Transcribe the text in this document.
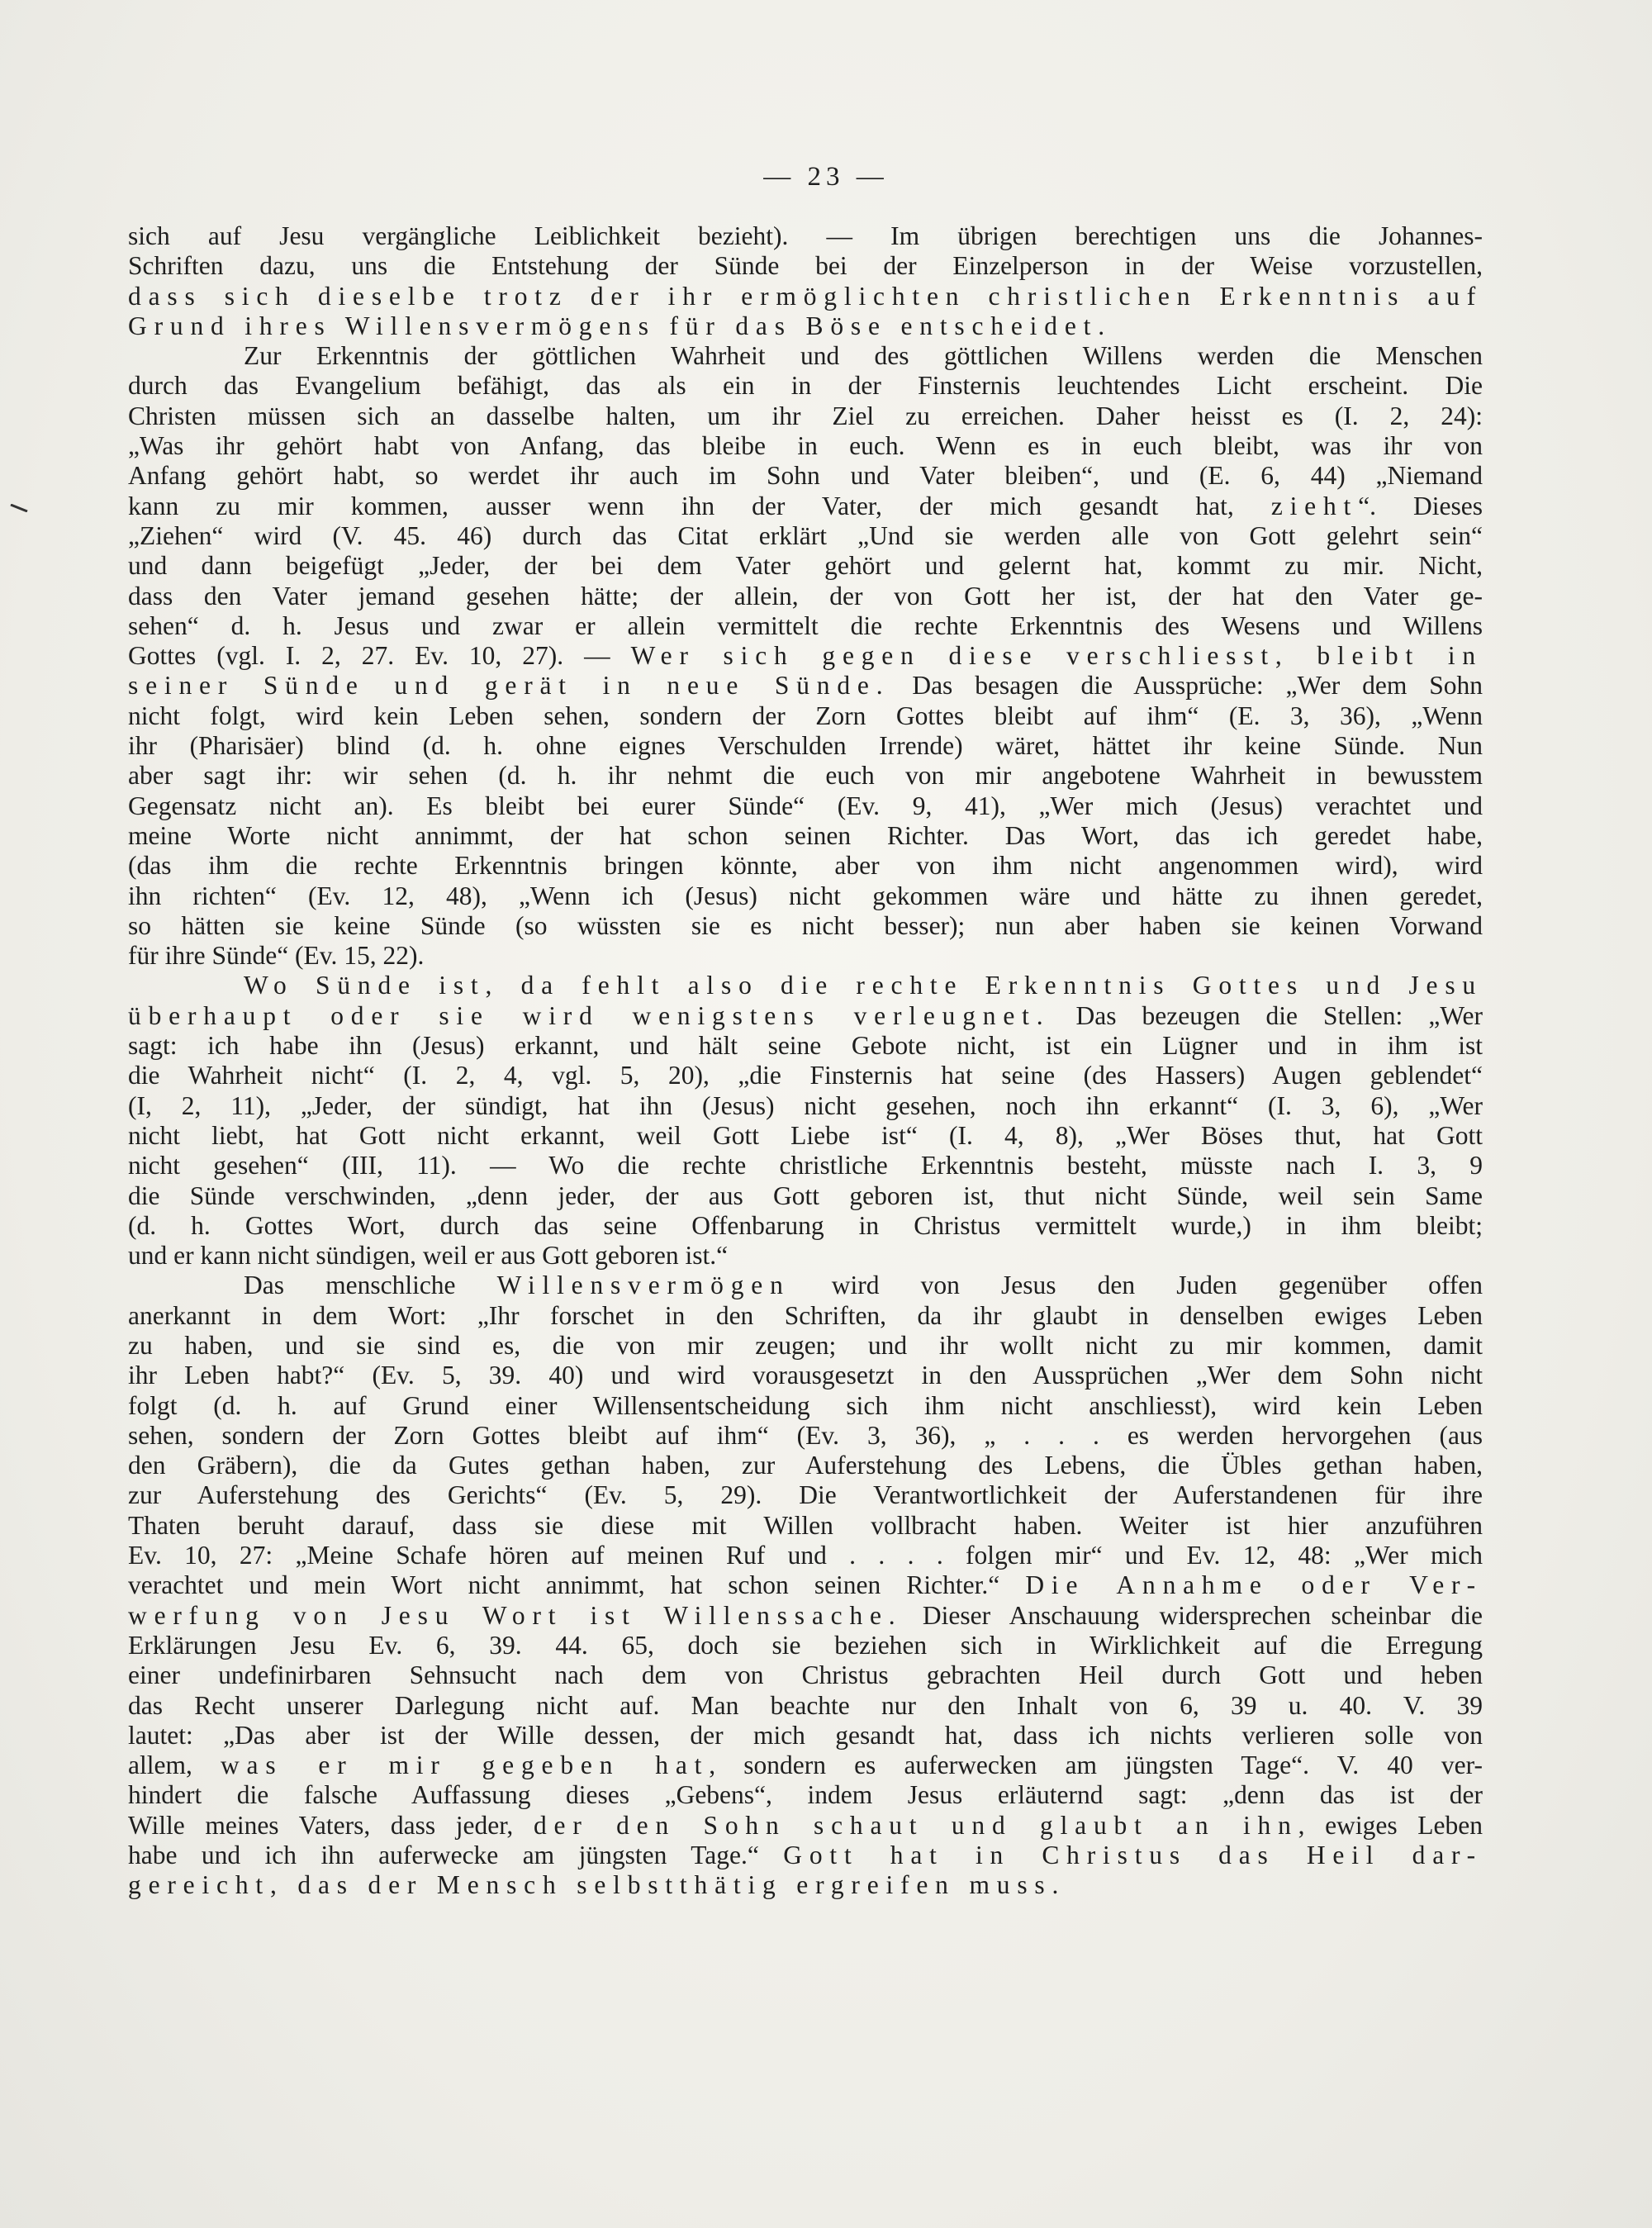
— 23 —
sich auf Jesu vergängliche Leiblichkeit bezieht). — Im übrigen berechtigen uns die Johannes-
Schriften dazu, uns die Entstehung der Sünde bei der Einzelperson in der Weise vorzustellen,
dass sich dieselbe trotz der ihr ermöglichten christlichen Erkenntnis auf
Grund ihres Willensvermögens für das Böse entscheidet.
Zur Erkenntnis der göttlichen Wahrheit und des göttlichen Willens werden die Menschen
durch das Evangelium befähigt, das als ein in der Finsternis leuchtendes Licht erscheint. Die
Christen müssen sich an dasselbe halten, um ihr Ziel zu erreichen. Daher heisst es (I. 2, 24):
„Was ihr gehört habt von Anfang, das bleibe in euch. Wenn es in euch bleibt, was ihr von
Anfang gehört habt, so werdet ihr auch im Sohn und Vater bleiben“, und (E. 6, 44) „Niemand
kann zu mir kommen, ausser wenn ihn der Vater, der mich gesandt hat, zieht“. Dieses
„Ziehen“ wird (V. 45. 46) durch das Citat erklärt „Und sie werden alle von Gott gelehrt sein“
und dann beigefügt „Jeder, der bei dem Vater gehört und gelernt hat, kommt zu mir. Nicht,
dass den Vater jemand gesehen hätte; der allein, der von Gott her ist, der hat den Vater ge-
sehen“ d. h. Jesus und zwar er allein vermittelt die rechte Erkenntnis des Wesens und Willens
Gottes (vgl. I. 2, 27. Ev. 10, 27). — Wer sich gegen diese verschliesst, bleibt in
seiner Sünde und gerät in neue Sünde. Das besagen die Aussprüche: „Wer dem Sohn
nicht folgt, wird kein Leben sehen, sondern der Zorn Gottes bleibt auf ihm“ (E. 3, 36), „Wenn
ihr (Pharisäer) blind (d. h. ohne eignes Verschulden Irrende) wäret, hättet ihr keine Sünde. Nun
aber sagt ihr: wir sehen (d. h. ihr nehmt die euch von mir angebotene Wahrheit in bewusstem
Gegensatz nicht an). Es bleibt bei eurer Sünde“ (Ev. 9, 41), „Wer mich (Jesus) verachtet und
meine Worte nicht annimmt, der hat schon seinen Richter. Das Wort, das ich geredet habe,
(das ihm die rechte Erkenntnis bringen könnte, aber von ihm nicht angenommen wird), wird
ihn richten“ (Ev. 12, 48), „Wenn ich (Jesus) nicht gekommen wäre und hätte zu ihnen geredet,
so hätten sie keine Sünde (so wüssten sie es nicht besser); nun aber haben sie keinen Vorwand
für ihre Sünde“ (Ev. 15, 22).
Wo Sünde ist, da fehlt also die rechte Erkenntnis Gottes und Jesu
überhaupt oder sie wird wenigstens verleugnet. Das bezeugen die Stellen: „Wer
sagt: ich habe ihn (Jesus) erkannt, und hält seine Gebote nicht, ist ein Lügner und in ihm ist
die Wahrheit nicht“ (I. 2, 4, vgl. 5, 20), „die Finsternis hat seine (des Hassers) Augen geblendet“
(I, 2, 11), „Jeder, der sündigt, hat ihn (Jesus) nicht gesehen, noch ihn erkannt“ (I. 3, 6), „Wer
nicht liebt, hat Gott nicht erkannt, weil Gott Liebe ist“ (I. 4, 8), „Wer Böses thut, hat Gott
nicht gesehen“ (III, 11). — Wo die rechte christliche Erkenntnis besteht, müsste nach I. 3, 9
die Sünde verschwinden, „denn jeder, der aus Gott geboren ist, thut nicht Sünde, weil sein Same
(d. h. Gottes Wort, durch das seine Offenbarung in Christus vermittelt wurde,) in ihm bleibt;
und er kann nicht sündigen, weil er aus Gott geboren ist.“
Das menschliche Willensvermögen wird von Jesus den Juden gegenüber offen
anerkannt in dem Wort: „Ihr forschet in den Schriften, da ihr glaubt in denselben ewiges Leben
zu haben, und sie sind es, die von mir zeugen; und ihr wollt nicht zu mir kommen, damit
ihr Leben habt?“ (Ev. 5, 39. 40) und wird vorausgesetzt in den Aussprüchen „Wer dem Sohn nicht
folgt (d. h. auf Grund einer Willensentscheidung sich ihm nicht anschliesst), wird kein Leben
sehen, sondern der Zorn Gottes bleibt auf ihm“ (Ev. 3, 36), „ . . . es werden hervorgehen (aus
den Gräbern), die da Gutes gethan haben, zur Auferstehung des Lebens, die Übles gethan haben,
zur Auferstehung des Gerichts“ (Ev. 5, 29). Die Verantwortlichkeit der Auferstandenen für ihre
Thaten beruht darauf, dass sie diese mit Willen vollbracht haben. Weiter ist hier anzuführen
Ev. 10, 27: „Meine Schafe hören auf meinen Ruf und . . . . folgen mir“ und Ev. 12, 48: „Wer mich
verachtet und mein Wort nicht annimmt, hat schon seinen Richter.“ Die Annahme oder Ver-
werfung von Jesu Wort ist Willenssache. Dieser Anschauung widersprechen scheinbar die
Erklärungen Jesu Ev. 6, 39. 44. 65, doch sie beziehen sich in Wirklichkeit auf die Erregung
einer undefinirbaren Sehnsucht nach dem von Christus gebrachten Heil durch Gott und heben
das Recht unserer Darlegung nicht auf. Man beachte nur den Inhalt von 6, 39 u. 40. V. 39
lautet: „Das aber ist der Wille dessen, der mich gesandt hat, dass ich nichts verlieren solle von
allem, was er mir gegeben hat, sondern es auferwecken am jüngsten Tage“. V. 40 ver-
hindert die falsche Auffassung dieses „Gebens“, indem Jesus erläuternd sagt: „denn das ist der
Wille meines Vaters, dass jeder, der den Sohn schaut und glaubt an ihn, ewiges Leben
habe und ich ihn auferwecke am jüngsten Tage.“ Gott hat in Christus das Heil dar-
gereicht, das der Mensch selbstthätig ergreifen muss.
